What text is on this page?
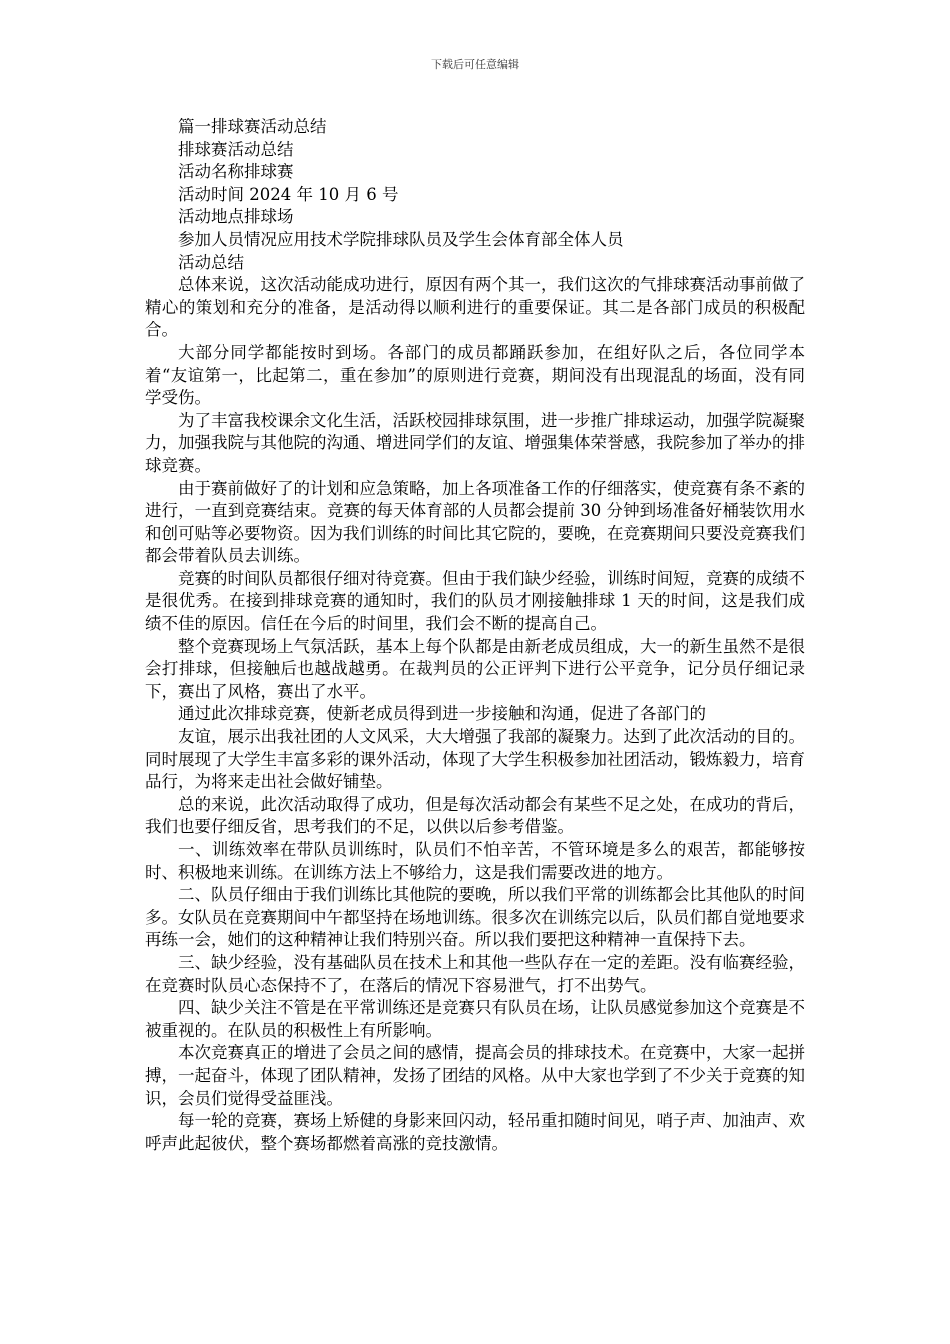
下载后可任意编辑

篇一排球赛活动总结

排球赛活动总结

活动名称排球赛

活动时间 2024 年 10 月 6 号

活动地点排球场

参加人员情况应用技术学院排球队员及学生会体育部全体人员

活动总结

总体来说，这次活动能成功进行，原因有两个其一，我们这次的气排球赛活动事前做了精心的策划和充分的准备，是活动得以顺利进行的重要保证。其二是各部门成员的积极配合。

大部分同学都能按时到场。各部门的成员都踊跃参加，在组好队之后，各位同学本着“友谊第一，比起第二，重在参加”的原则进行竞赛，期间没有出现混乱的场面，没有同学受伤。

为了丰富我校课余文化生活，活跃校园排球氛围，进一步推广排球运动，加强学院凝聚力，加强我院与其他院的沟通、增进同学们的友谊、增强集体荣誉感，我院参加了举办的排球竞赛。

由于赛前做好了的计划和应急策略，加上各项准备工作的仔细落实，使竞赛有条不紊的进行，一直到竞赛结束。竞赛的每天体育部的人员都会提前 30 分钟到场准备好桶装饮用水和创可贴等必要物资。因为我们训练的时间比其它院的，要晚，在竞赛期间只要没竞赛我们都会带着队员去训练。

竞赛的时间队员都很仔细对待竞赛。但由于我们缺少经验，训练时间短，竞赛的成绩不是很优秀。在接到排球竞赛的通知时，我们的队员才刚接触排球 1 天的时间，这是我们成绩不佳的原因。信任在今后的时间里，我们会不断的提高自己。

整个竞赛现场上气氛活跃，基本上每个队都是由新老成员组成，大一的新生虽然不是很会打排球，但接触后也越战越勇。在裁判员的公正评判下进行公平竞争，记分员仔细记录下，赛出了风格，赛出了水平。

通过此次排球竞赛，使新老成员得到进一步接触和沟通，促进了各部门的

友谊，展示出我社团的人文风采，大大增强了我部的凝聚力。达到了此次活动的目的。同时展现了大学生丰富多彩的课外活动，体现了大学生积极参加社团活动，锻炼毅力，培育品行，为将来走出社会做好铺垫。

总的来说，此次活动取得了成功，但是每次活动都会有某些不足之处，在成功的背后，我们也要仔细反省，思考我们的不足，以供以后参考借鉴。

一、训练效率在带队员训练时，队员们不怕辛苦，不管环境是多么的艰苦，都能够按时、积极地来训练。在训练方法上不够给力，这是我们需要改进的地方。

二、队员仔细由于我们训练比其他院的要晚，所以我们平常的训练都会比其他队的时间多。女队员在竞赛期间中午都坚持在场地训练。很多次在训练完以后，队员们都自觉地要求再练一会，她们的这种精神让我们特别兴奋。所以我们要把这种精神一直保持下去。

三、缺少经验，没有基础队员在技术上和其他一些队存在一定的差距。没有临赛经验，在竞赛时队员心态保持不了，在落后的情况下容易泄气，打不出势气。

四、缺少关注不管是在平常训练还是竞赛只有队员在场，让队员感觉参加这个竞赛是不被重视的。在队员的积极性上有所影响。

本次竞赛真正的增进了会员之间的感情，提高会员的排球技术。在竞赛中，大家一起拼搏，一起奋斗，体现了团队精神，发扬了团结的风格。从中大家也学到了不少关于竞赛的知识，会员们觉得受益匪浅。

每一轮的竞赛，赛场上矫健的身影来回闪动，轻吊重扣随时间见，哨子声、加油声、欢呼声此起彼伏，整个赛场都燃着高涨的竞技激情。
